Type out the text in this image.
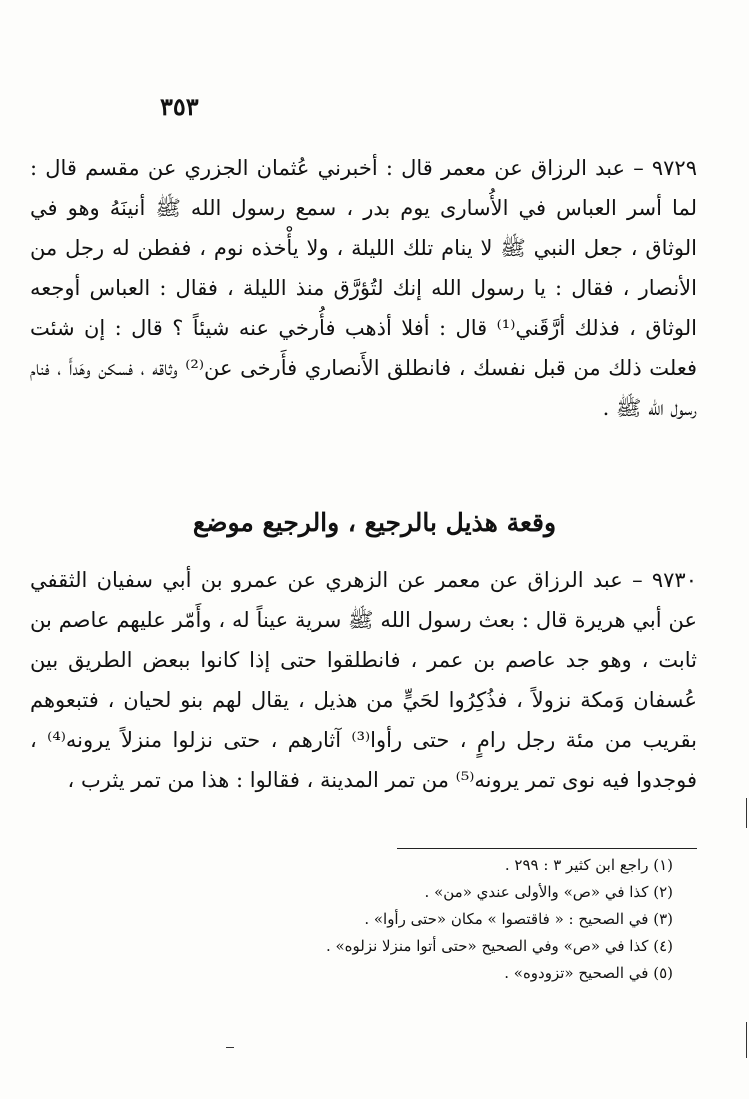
٣٥٣

٩٧٢٩ – عبد الرزاق عن معمر قال : أخبرني عُثمان الجزري عن مقسم قال : لما أسر العباس في الأُسارى يوم بدر ، سمع رسول الله ﷺ أنينَهُ وهو في الوثاق ، جعل النبي ﷺ لا ينام تلك الليلة ، ولا يأْخذه نوم ، ففطن له رجل من الأنصار ، فقال : يا رسول الله إنك لتُؤرَّق منذ الليلة ، فقال : العباس أوجعه الوثاق ، فذلك أرَّقَني⁽¹⁾ قال : أفلا أذهب فأُرخي عنه شيئاً ؟ قال : إن شئت فعلت ذلك من قبل نفسك ، فانطلق الأَنصاري فأَرخى عن⁽²⁾ وثاقه ، فسكن وهَدأَ ، فنام رسول الله ﷺ .

وقعة هذيل بالرجيع ، والرجيع موضع

٩٧٣٠ – عبد الرزاق عن معمر عن الزهري عن عمرو بن أبي سفيان الثقفي عن أبي هريرة قال : بعث رسول الله ﷺ سرية عيناً له ، وأَمّر عليهم عاصم بن ثابت ، وهو جد عاصم بن عمر ، فانطلقوا حتى إذا كانوا ببعض الطريق بين عُسفان وَمكة نزولاً ، فذُكِرُوا لحَيٍّ من هذيل ، يقال لهم بنو لحيان ، فتبعوهم بقريب من مئة رجل رامٍ ، حتى رأوا⁽³⁾ آثارهم ، حتى نزلوا منزلاً يرونه⁽⁴⁾ ، فوجدوا فيه نوى تمر يرونه⁽⁵⁾ من تمر المدينة ، فقالوا : هذا من تمر يثرب ،

(١) راجع ابن كثير ٣ : ٢٩٩ .
(٢) كذا في «ص» والأولى عندي «من» .
(٣) في الصحيح : « فاقتصوا » مكان «حتى رأوا» .
(٤) كذا في «ص» وفي الصحيح «حتى أتوا منزلا نزلوه» .
(٥) في الصحيح «تزودوه» .
